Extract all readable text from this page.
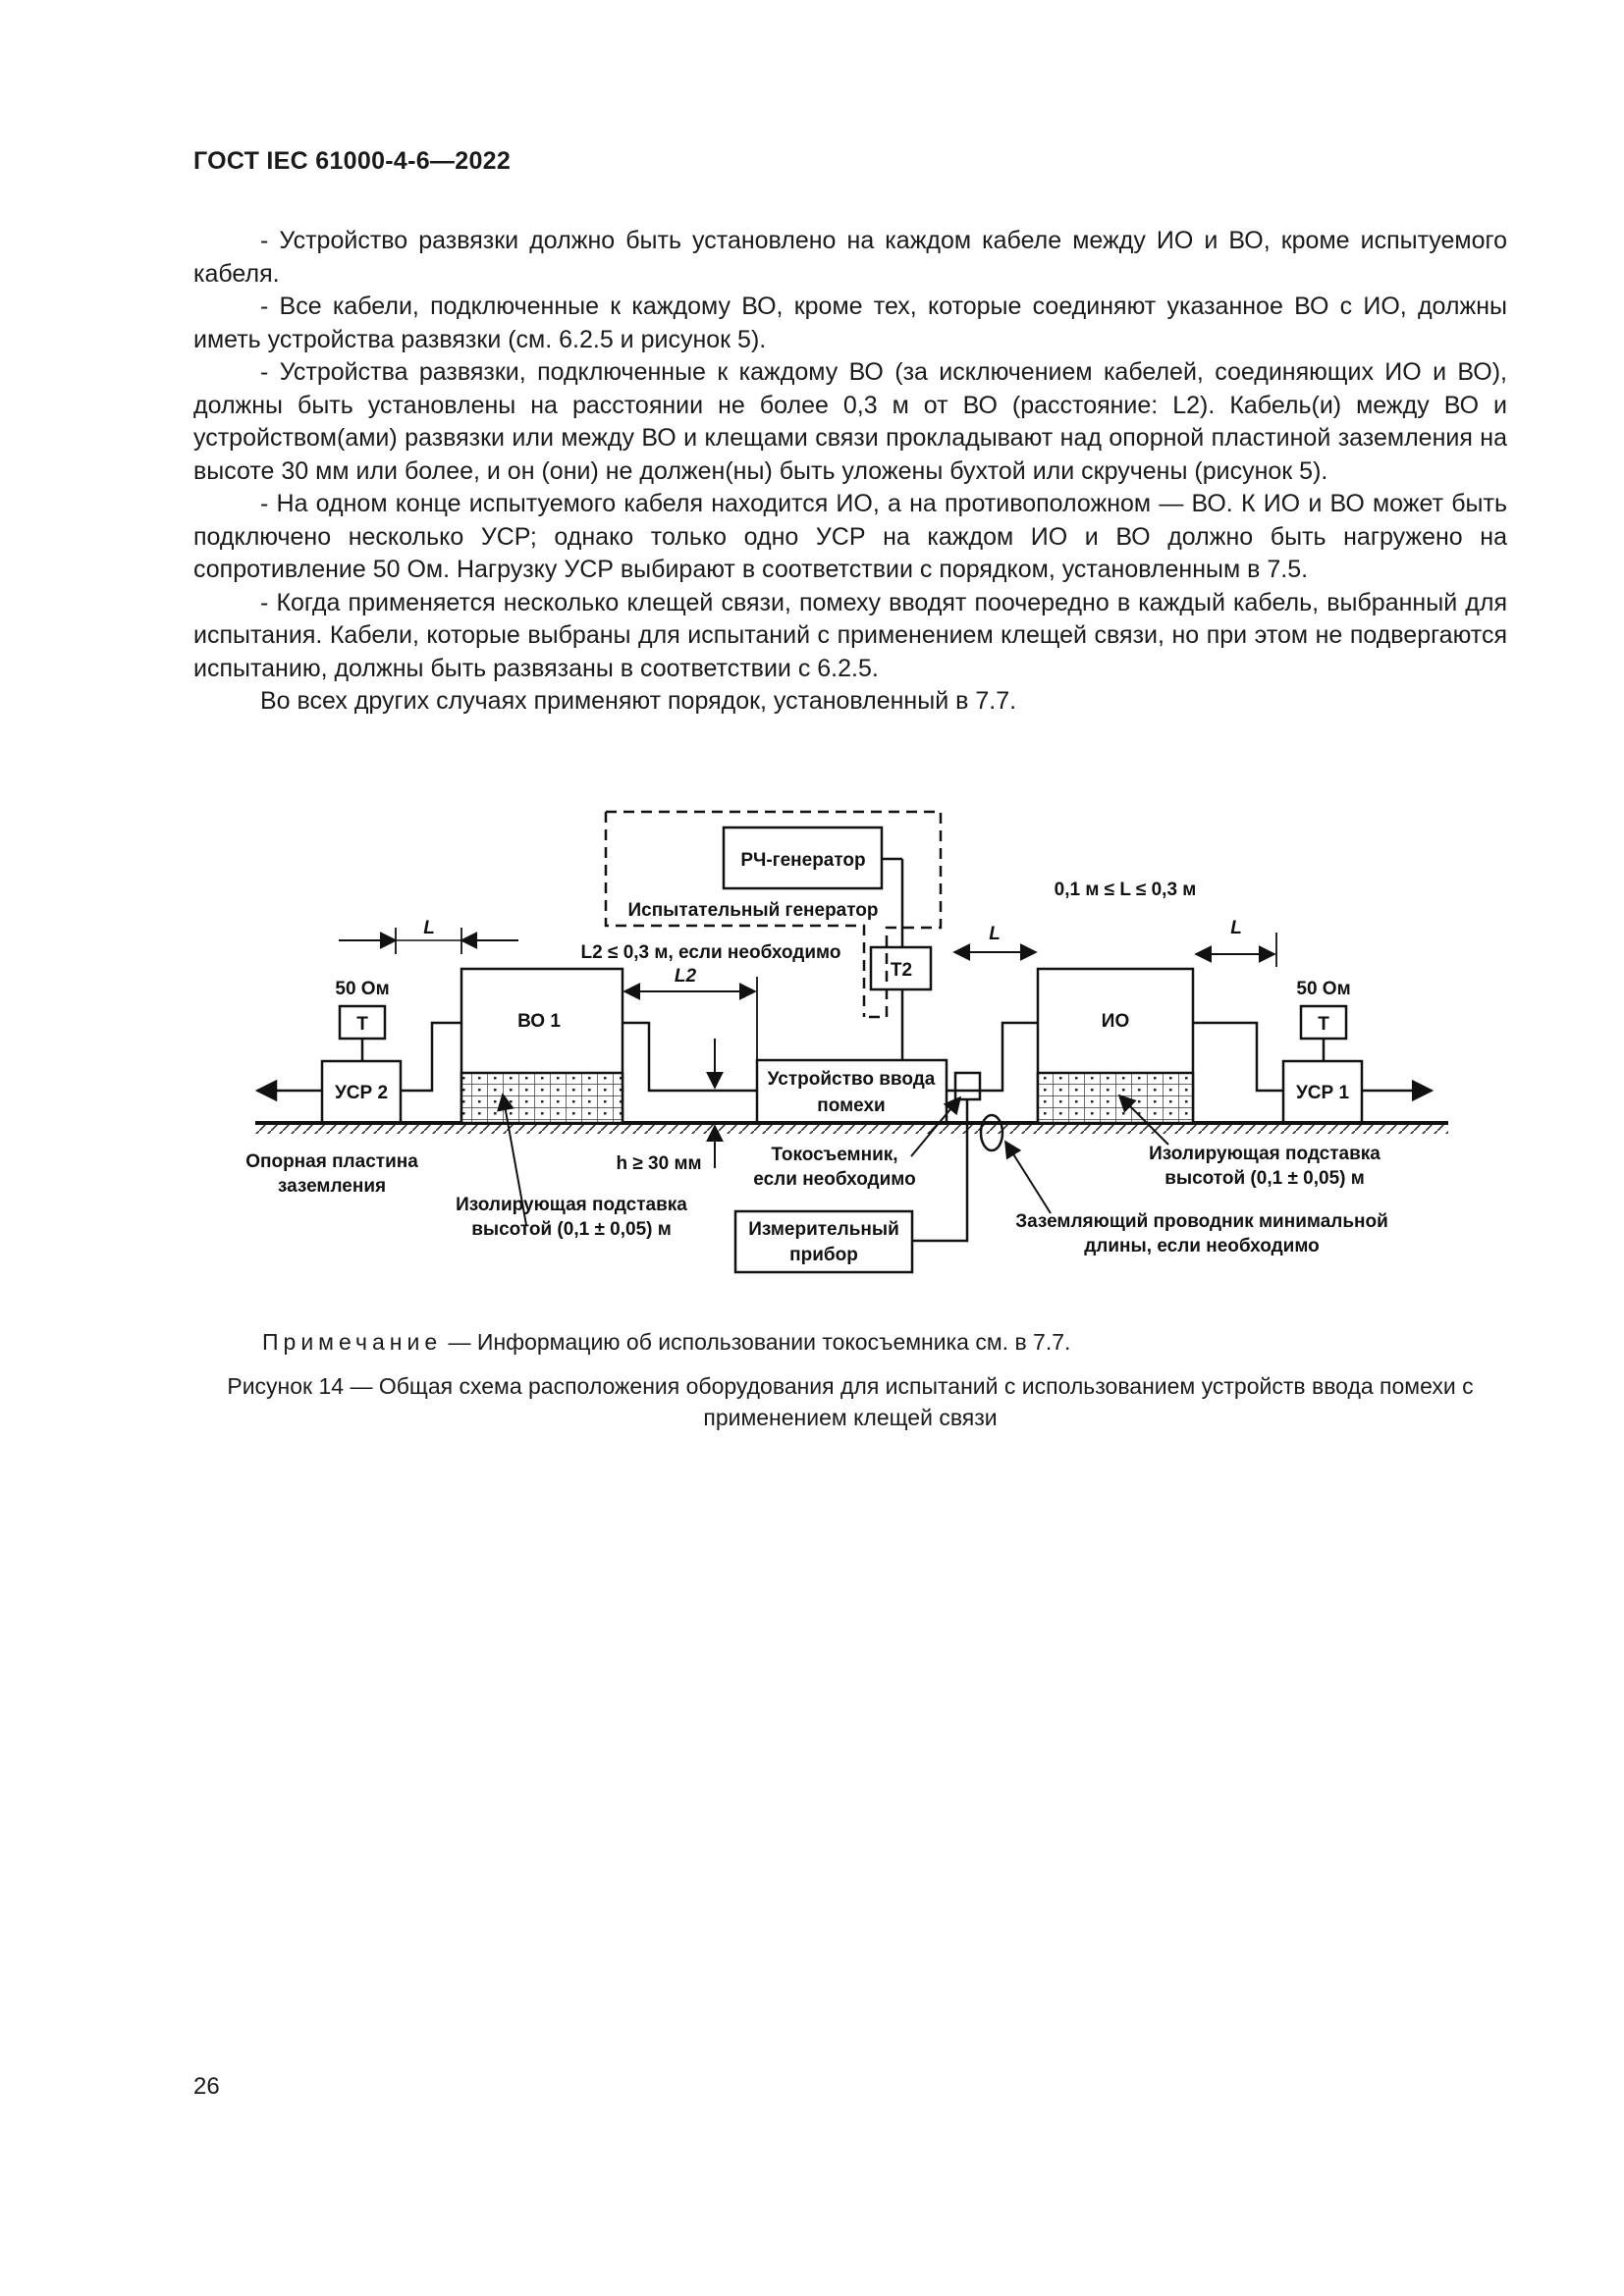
ГОСТ IEC 61000-4-6—2022

- Устройство развязки должно быть установлено на каждом кабеле между ИО и ВО, кроме испытуемого кабеля.

- Все кабели, подключенные к каждому ВО, кроме тех, которые соединяют указанное ВО с ИО, должны иметь устройства развязки (см. 6.2.5 и рисунок 5).

- Устройства развязки, подключенные к каждому ВО (за исключением кабелей, соединяющих ИО и ВО), должны быть установлены на расстоянии не более 0,3 м от ВО (расстояние: L2). Кабель(и) между ВО и устройством(ами) развязки или между ВО и клещами связи прокладывают над опорной пластиной заземления на высоте 30 мм или более, и он (они) не должен(ны) быть уложены бухтой или скручены (рисунок 5).

- На одном конце испытуемого кабеля находится ИО, а на противоположном — ВО. К ИО и ВО может быть подключено несколько УСР; однако только одно УСР на каждом ИО и ВО должно быть нагружено на сопротивление 50 Ом. Нагрузку УСР выбирают в соответствии с порядком, установленным в 7.5.

- Когда применяется несколько клещей связи, помеху вводят поочередно в каждый кабель, выбранный для испытания. Кабели, которые выбраны для испытаний с применением клещей связи, но при этом не подвергаются испытанию, должны быть развязаны в соответствии с 6.2.5.

Во всех других случаях применяют порядок, установленный в 7.7.

РЧ-генератор
Испытательный генератор
Т2
0,1 м ≤ L ≤ 0,3 м
L	L	L
L2 ≤ 0,3 м, если необходимо
L2
50 Ом	50 Ом
Т	Т
УСР 2	УСР 1
ВО 1	ИО
Устройство ввода
помехи
Опорная пластина
заземления
Изолирующая подставка
высотой (0,1 ± 0,05) м
h ≥ 30 мм	Токосъемник,
если необходимо
Измерительный
прибор
Заземляющий проводник минимальной
длины, если необходимо
Изолирующая подставка
высотой (0,1 ± 0,05) м
Примечание — Информацию об использовании токосъемника см. в 7.7.
Рисунок 14 — Общая схема расположения оборудования для испытаний с использованием устройств ввода помехи с применением клещей связи
26
